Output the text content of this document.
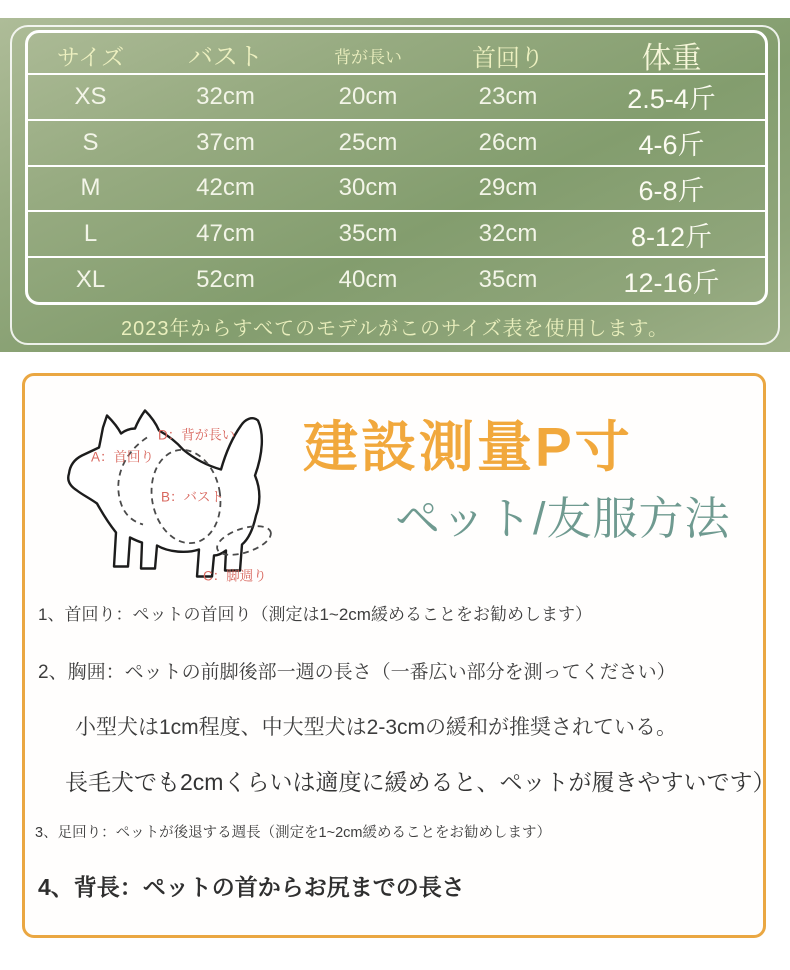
サイズ	バスト	背が長い	首回り	体重
XS	32cm	20cm	23cm	2.5-4斤
S	37cm	25cm	26cm	4-6斤
M	42cm	30cm	29cm	6-8斤
L	47cm	35cm	32cm	8-12斤
XL	52cm	40cm	35cm	12-16斤
2023年からすべてのモデルがこのサイズ表を使用します。
A：首回り
D：背が長い
B：バスト
C：脚週り
建設測量P寸
ペット/友服方法
1、首回り：ペットの首回り（測定は1~2cm緩めることをお勧めします）
2、胸囲：ペットの前脚後部一週の長さ（一番広い部分を測ってください）
小型犬は1cm程度、中大型犬は2-3cmの緩和が推奨されている。
長毛犬でも2cmくらいは適度に緩めると、ペットが履きやすいです）
3、足回り：ペットが後退する週長（測定を1~2cm緩めることをお勧めします）
4、背長：ペットの首からお尻までの長さ
